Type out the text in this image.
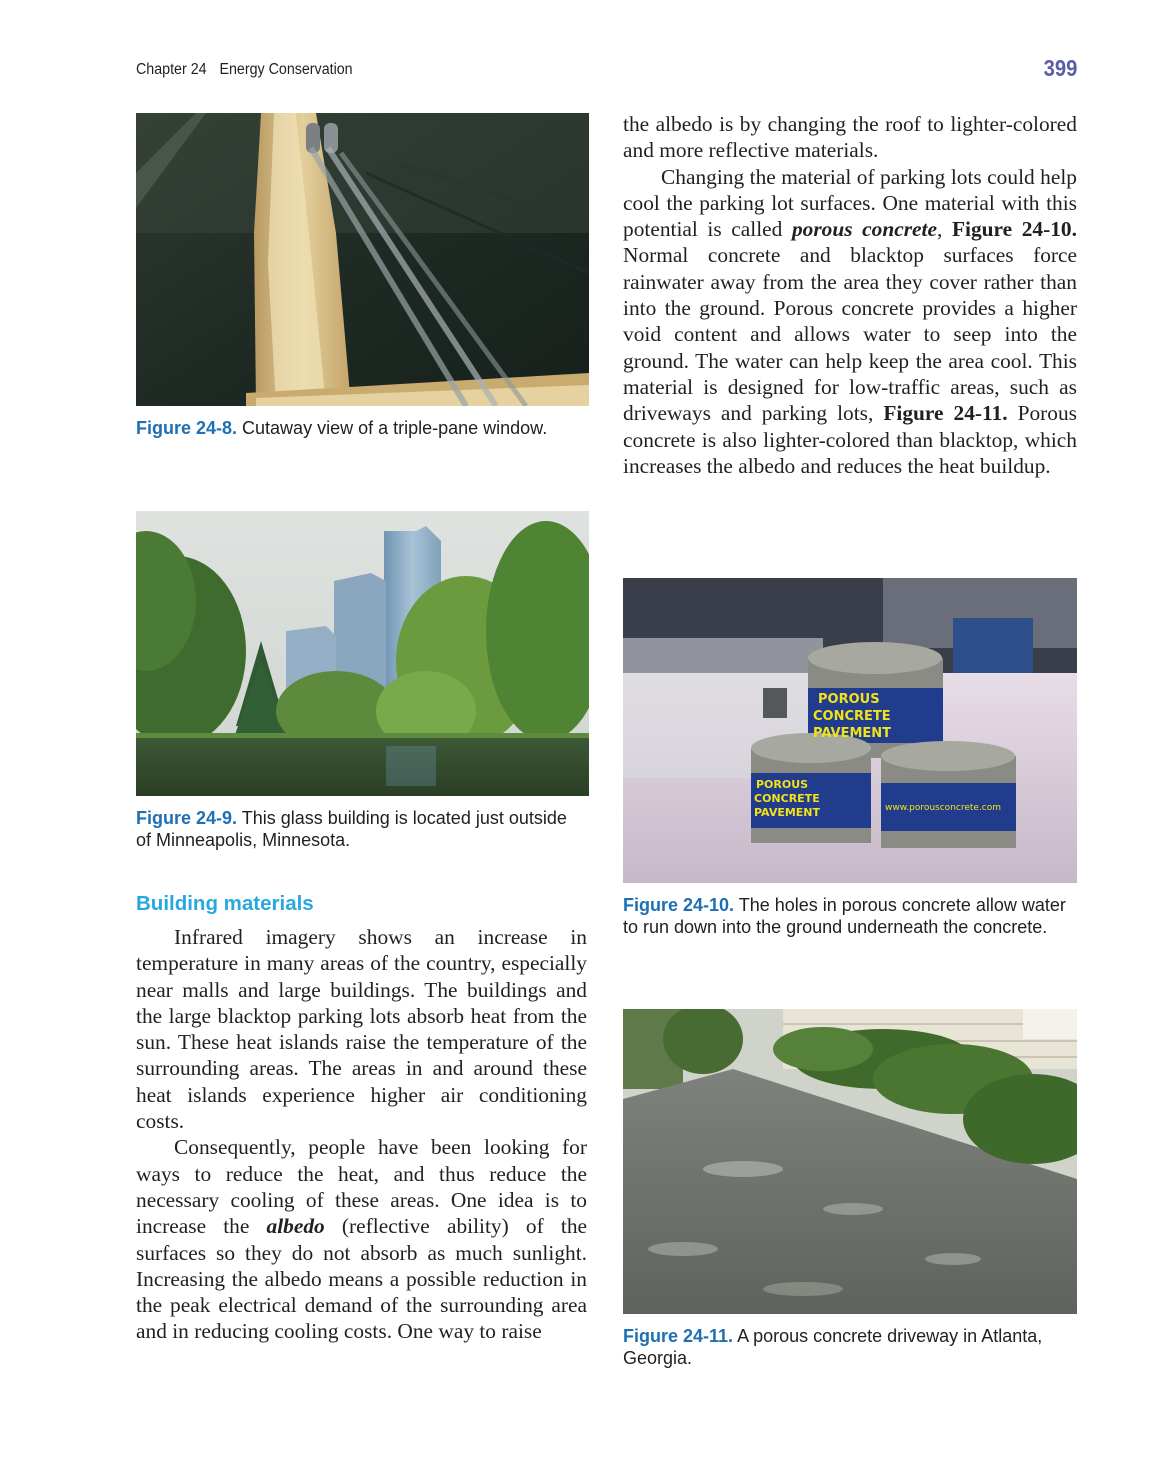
Chapter 24 Energy Conservation	399
Figure 24-8. Cutaway view of a triple-pane window.
Figure 24-9. This glass building is located just outside of Minneapolis, Minnesota.
Building materials

Infrared imagery shows an increase in temperature in many areas of the country, especially near malls and large buildings. The buildings and the large blacktop parking lots absorb heat from the sun. These heat islands raise the temperature of the surrounding areas. The areas in and around these heat islands experience higher air conditioning costs.

Consequently, people have been looking for ways to reduce the heat, and thus reduce the necessary cooling of these areas. One idea is to increase the albedo (reflective ability) of the surfaces so they do not absorb as much sunlight. Increasing the albedo means a possible reduction in the peak electrical demand of the surrounding area and in reducing cooling costs. One way to raise

the albedo is by changing the roof to lighter-colored and more reflective materials.

Changing the material of parking lots could help cool the parking lot surfaces. One material with this potential is called porous concrete, Figure 24-10. Normal concrete and blacktop surfaces force rainwater away from the area they cover rather than into the ground. Porous concrete provides a higher void content and allows water to seep into the ground. The water can help keep the area cool. This material is designed for low-traffic areas, such as driveways and parking lots, Figure 24-11. Porous concrete is also lighter-colored than blacktop, which increases the albedo and reduces the heat buildup.

POROUS
CONCRETE
PAVEMENT
POROUS
CONCRETE
PAVEMENT	www.porousconcrete.com
Figure 24-10. The holes in porous concrete allow water to run down into the ground underneath the concrete.
Figure 24-11. A porous concrete driveway in Atlanta, Georgia.
